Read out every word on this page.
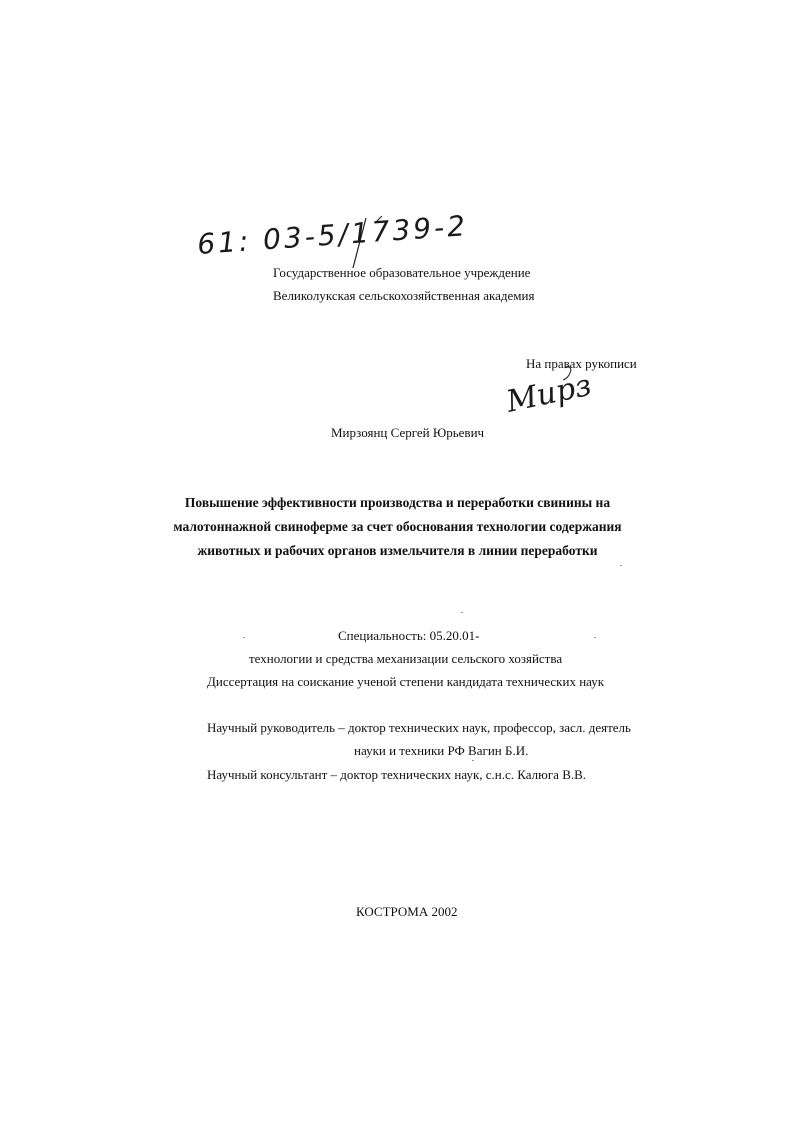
61: 03-5/1739-2
Государственное образовательное учреждение
Великолукская сельскохозяйственная академия
На правах рукописи
Мирз
Мирзоянц Сергей Юрьевич
Повышение эффективности производства и переработки свинины на
малотоннажной свиноферме за счет обоснования технологии содержания
животных и рабочих органов измельчителя в линии переработки
Специальность: 05.20.01-
технологии и средства механизации сельского хозяйства
Диссертация на соискание ученой степени кандидата технических наук
Научный руководитель – доктор технических наук, профессор, засл. деятель
науки и техники РФ Вагин Б.И.
Научный консультант – доктор технических наук, с.н.с. Калюга В.В.
КОСТРОМА 2002
